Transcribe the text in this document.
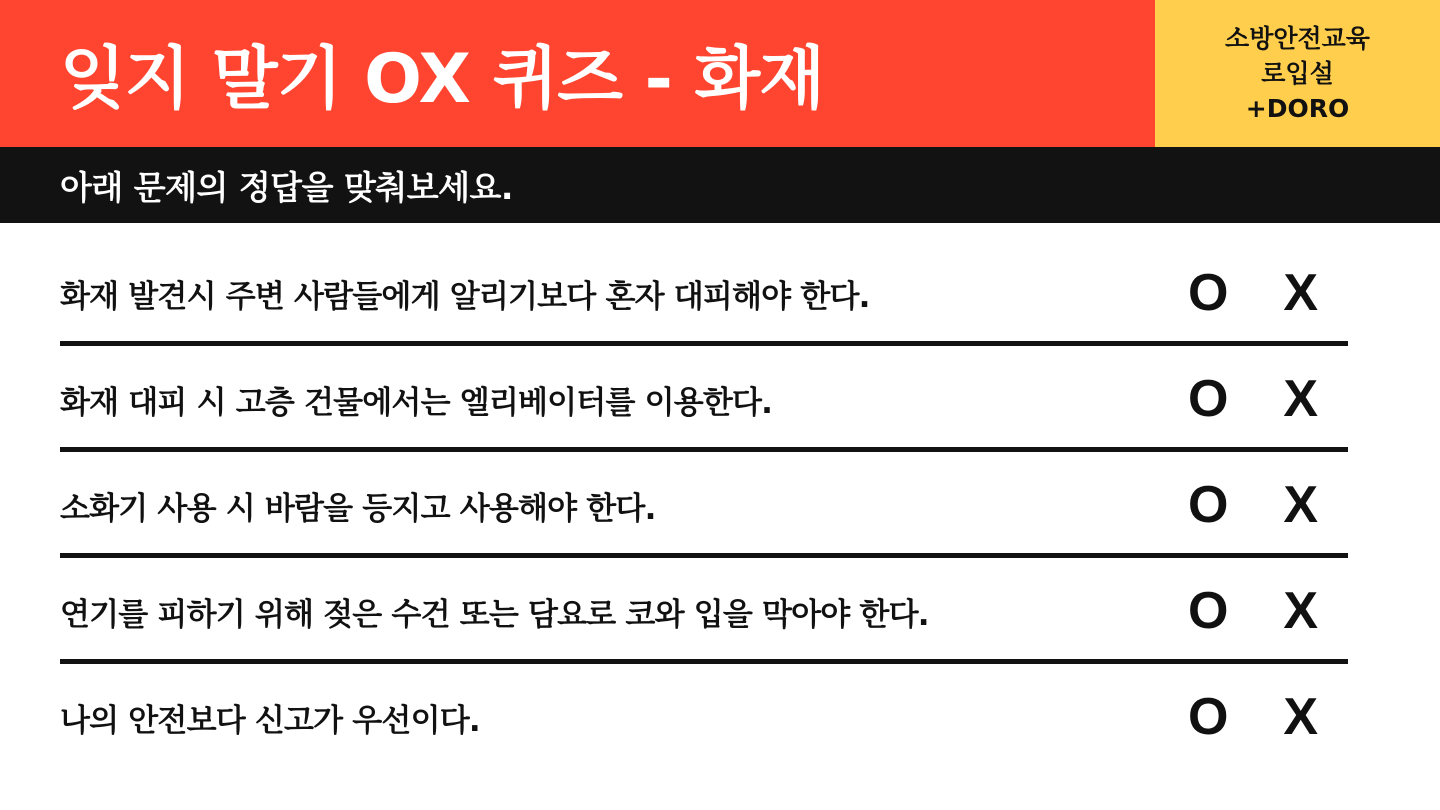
잊지 말기 OX 퀴즈 - 화재
소방안전교육
로입설
+DORO
아래 문제의 정답을 맞춰보세요.
화재 발견시 주변 사람들에게 알리기보다 혼자 대피해야 한다.	O X
화재 대피 시 고층 건물에서는 엘리베이터를 이용한다.	O X
소화기 사용 시 바람을 등지고 사용해야 한다.	O X
연기를 피하기 위해 젖은 수건 또는 담요로 코와 입을 막아야 한다.	O X
나의 안전보다 신고가 우선이다.	O X
